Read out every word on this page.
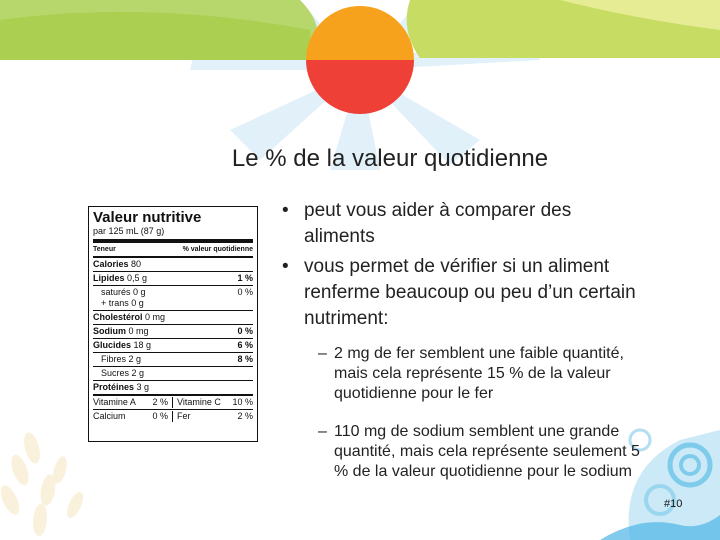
Le % de la valeur quotidienne
Valeur nutritive
par 125 mL (87 g)
Teneur	% valeur quotidienne
Calories 80
Lipides 0,5 g	1 %
saturés 0 g	0 %
+ trans 0 g
Cholestérol 0 mg
Sodium 0 mg	0 %
Glucides 18 g	6 %
Fibres 2 g	8 %
Sucres 2 g
Protéines 3 g
Vitamine A 2 % Vitamine C 10 %
Calcium	0 % Fer	2 %
• peut vous aider à comparer des aliments
• vous permet de vérifier si un aliment renferme beaucoup ou peu d’un certain nutriment:
– 2 mg de fer semblent une faible quantité, mais cela représente 15 % de la valeur quotidienne pour le fer
– 110 mg de sodium semblent une grande quantité, mais cela représente seulement 5 % de la valeur quotidienne pour le sodium
#10
